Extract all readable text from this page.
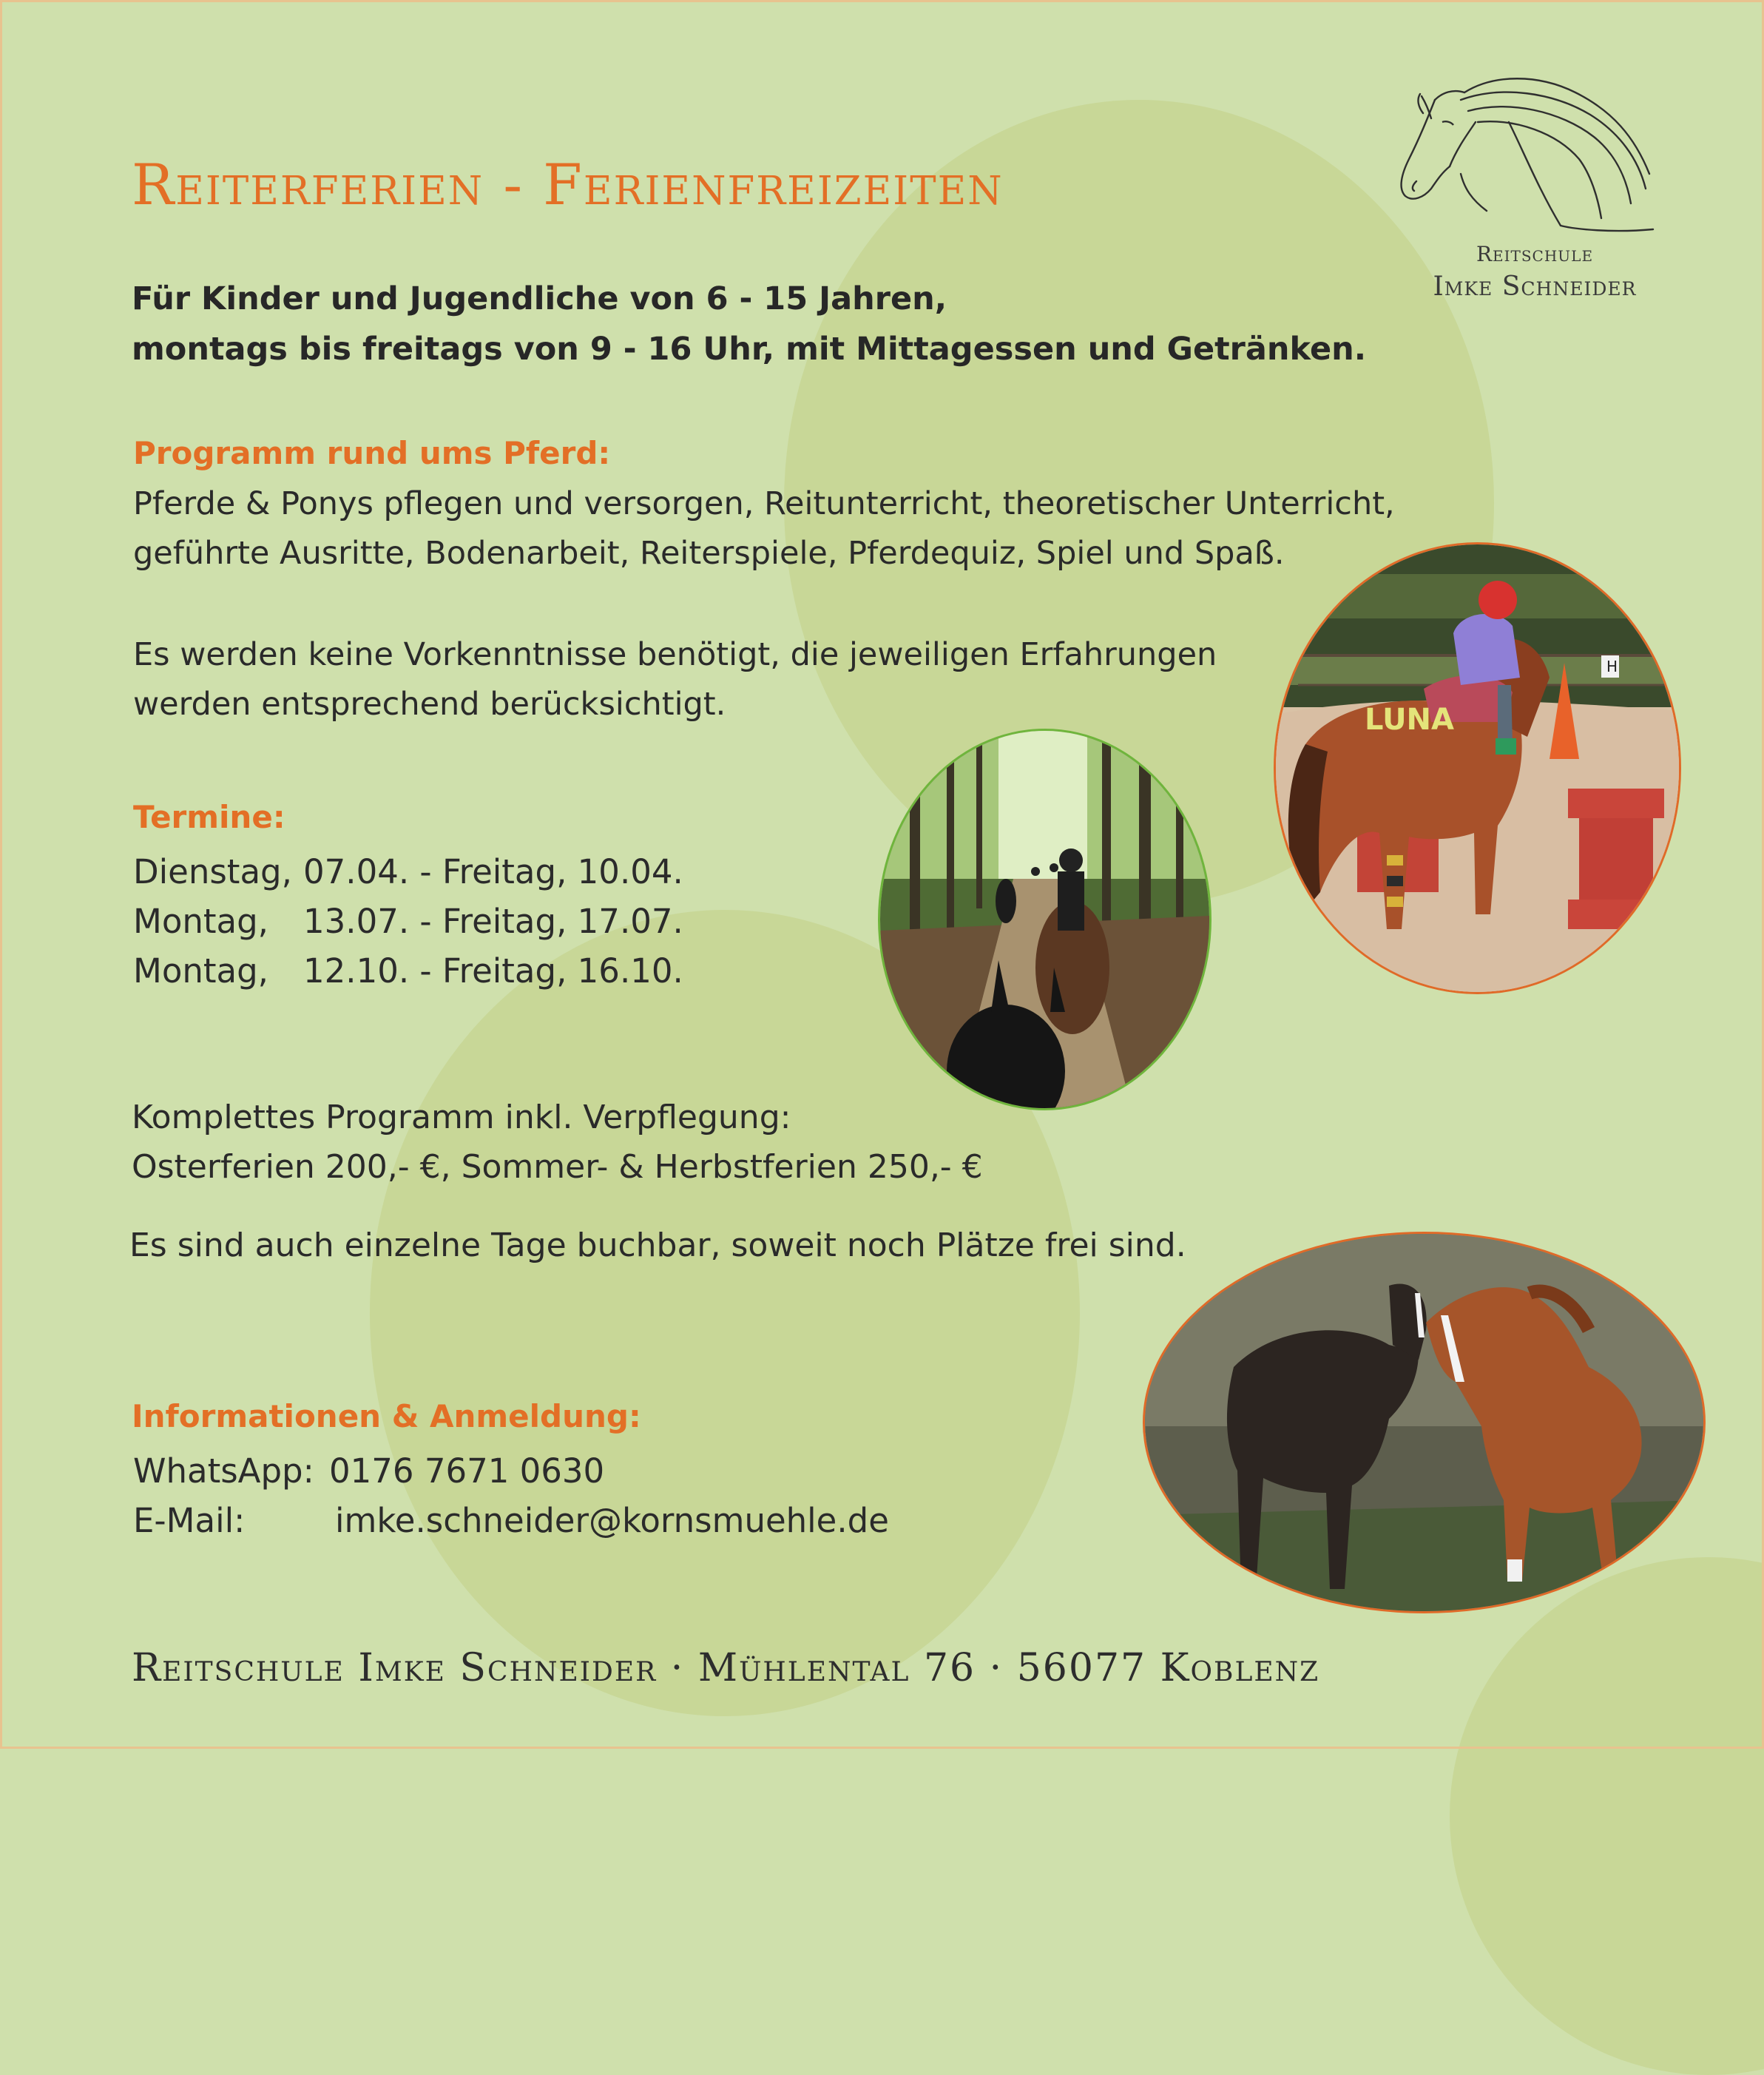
Reiterferien - Ferienfreizeiten

Für Kinder und Jugendliche von 6 - 15 Jahren,
montags bis freitags von 9 - 16 Uhr, mit Mittagessen und Getränken.

Programm rund ums Pferd:

Pferde & Ponys pflegen und versorgen, Reitunterricht, theoretischer Unterricht,
geführte Ausritte, Bodenarbeit, Reiterspiele, Pferdequiz, Spiel und Spaß.

Es werden keine Vorkenntnisse benötigt, die jeweiligen Erfahrungen
werden entsprechend berücksichtigt.

Termine:
Dienstag, 07.04. - Freitag, 10.04.
Montag,	13.07. - Freitag, 17.07.
Montag,	12.10. - Freitag, 16.10.

Komplettes Programm inkl. Verpflegung:
Osterferien 200,- €, Sommer- & Herbstferien 250,- €

Es sind auch einzelne Tage buchbar, soweit noch Plätze frei sind.

Informationen & Anmeldung:
WhatsApp: 0176 7671 0630
E-Mail:	imke.schneider@kornsmuehle.de

Reitschule Imke Schneider · Mühlental 76 · 56077 Koblenz

Reitschule
Imke Schneider
H
LUNA
